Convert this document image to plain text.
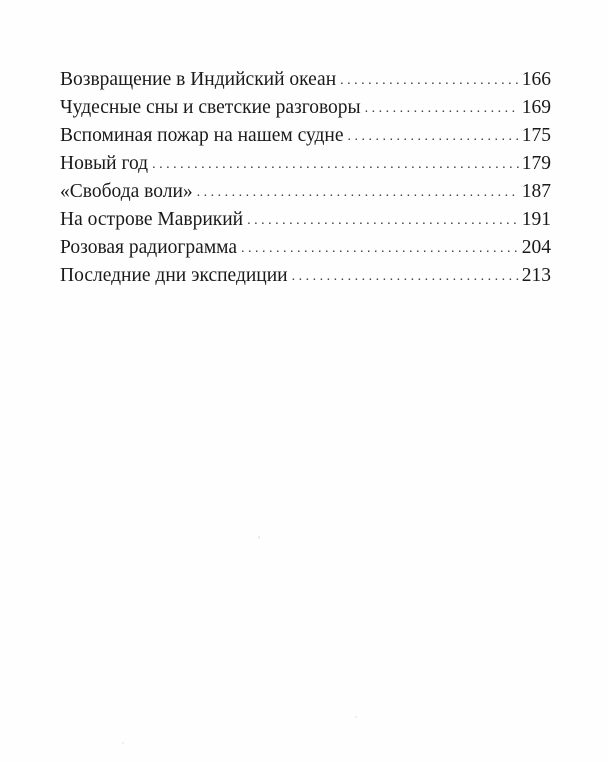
Возвращение в Индийский океан . . .	166
Чудесные сны и светские разговоры . . .	169
Вспоминая пожар на нашем судне . . .	175
Новый год . . .	179
«Свобода воли» . . .	187
На острове Маврикий . . .	191
Розовая радиограмма . . .	204
Последние дни экспедиции . . .	213
